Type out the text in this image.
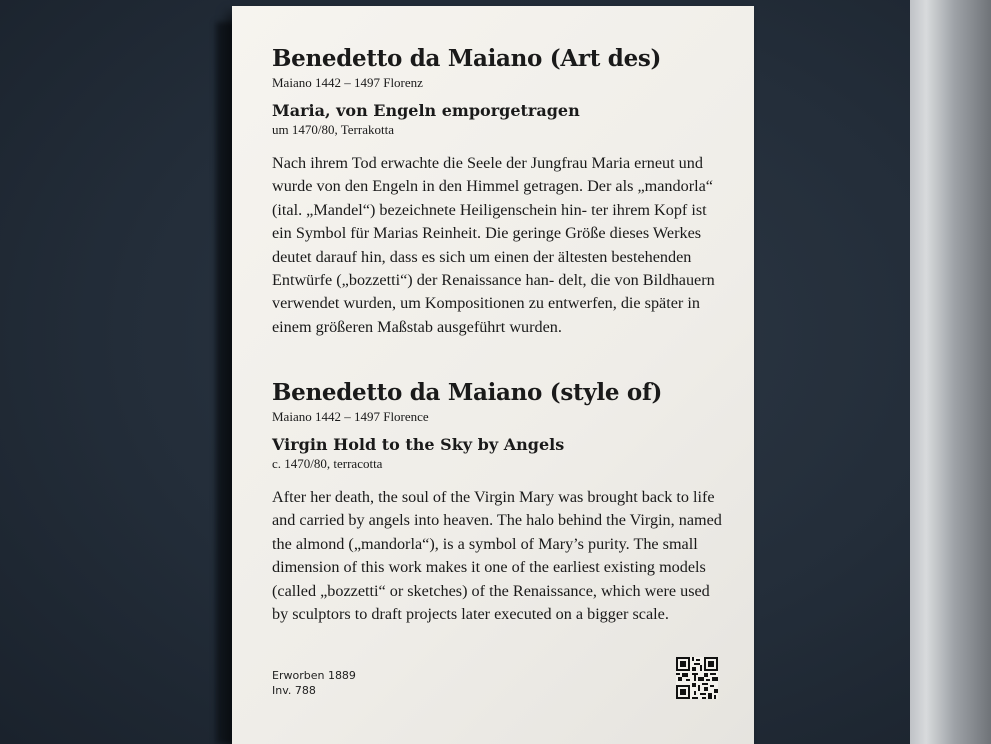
Benedetto da Maiano (Art des)

Maiano 1442 – 1497 Florenz

Maria, von Engeln emporgetragen

um 1470/80, Terrakotta

Nach ihrem Tod erwachte die Seele der Jungfrau Maria erneut und wurde von den Engeln in den Himmel getragen. Der als „mandorla“ (ital. „Mandel“) bezeichnete Heiligenschein hin- ter ihrem Kopf ist ein Symbol für Marias Reinheit. Die geringe Größe dieses Werkes deutet darauf hin, dass es sich um einen der ältesten bestehenden Entwürfe („bozzetti“) der Renaissance han- delt, die von Bildhauern verwendet wurden, um Kompositionen zu entwerfen, die später in einem größeren Maßstab ausgeführt wurden.

Benedetto da Maiano (style of)

Maiano 1442 – 1497 Florence

Virgin Hold to the Sky by Angels

c. 1470/80, terracotta

After her death, the soul of the Virgin Mary was brought back to life and carried by angels into heaven. The halo behind the Virgin, named the almond („mandorla“), is a symbol of Mary’s purity. The small dimension of this work makes it one of the earliest existing models (called „bozzetti“ or sketches) of the Renaissance, which were used by sculptors to draft projects later executed on a bigger scale.

Erworben 1889
Inv. 788
